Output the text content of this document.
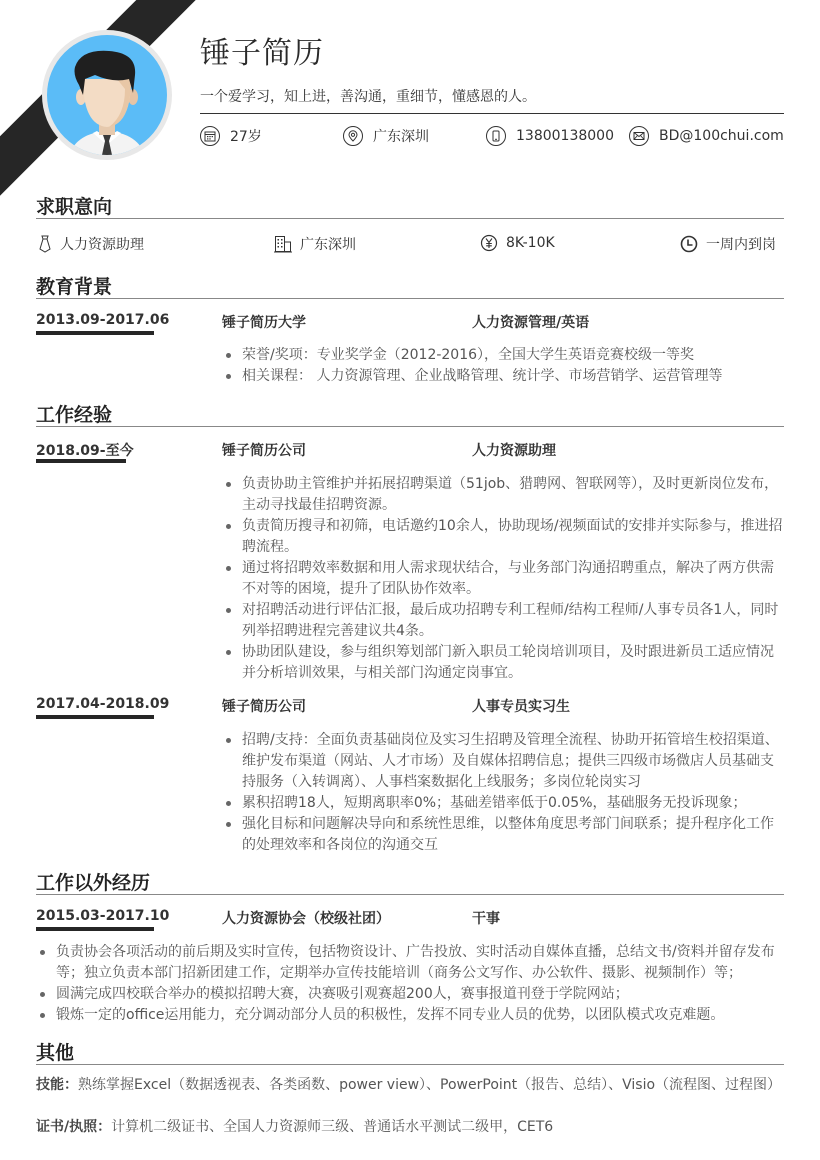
锤子简历
一个爱学习，知上进，善沟通，重细节，懂感恩的人。
27岁	广东深圳	13800138000	BD@100chui.com
求职意向
人力资源助理	广东深圳	8K-10K	一周内到岗
教育背景
2013.09-2017.06	锤子简历大学	人力资源管理/英语
荣誉/奖项：专业奖学金（2012-2016），全国大学生英语竞赛校级一等奖
相关课程： 人力资源管理、企业战略管理、统计学、市场营销学、运营管理等
工作经验
2018.09-至今	锤子简历公司	人力资源助理
负责协助主管维护并拓展招聘渠道（51job、猎聘网、智联网等），及时更新岗位发布，主动寻找最佳招聘资源。
负责简历搜寻和初筛，电话邀约10余人，协助现场/视频面试的安排并实际参与，推进招聘流程。
通过将招聘效率数据和用人需求现状结合，与业务部门沟通招聘重点，解决了两方供需不对等的困境，提升了团队协作效率。
对招聘活动进行评估汇报，最后成功招聘专利工程师/结构工程师/人事专员各1人，同时列举招聘进程完善建议共4条。
协助团队建设，参与组织筹划部门新入职员工轮岗培训项目，及时跟进新员工适应情况并分析培训效果，与相关部门沟通定岗事宜。
2017.04-2018.09	锤子简历公司	人事专员实习生
招聘/支持：全面负责基础岗位及实习生招聘及管理全流程、协助开拓管培生校招渠道、维护发布渠道（网站、人才市场）及自媒体招聘信息；提供三四级市场微店人员基础支持服务（入转调离）、人事档案数据化上线服务；多岗位轮岗实习
累积招聘18人，短期离职率0%；基础差错率低于0.05%，基础服务无投诉现象；
强化目标和问题解决导向和系统性思维，以整体角度思考部门间联系；提升程序化工作的处理效率和各岗位的沟通交互
工作以外经历
2015.03-2017.10	人力资源协会（校级社团）	干事
负责协会各项活动的前后期及实时宣传，包括物资设计、广告投放、实时活动自媒体直播，总结文书/资料并留存发布等；独立负责本部门招新团建工作，定期举办宣传技能培训（商务公文写作、办公软件、摄影、视频制作）等；
圆满完成四校联合举办的模拟招聘大赛，决赛吸引观赛超200人，赛事报道刊登于学院网站；
锻炼一定的office运用能力，充分调动部分人员的积极性，发挥不同专业人员的优势，以团队模式攻克难题。
其他
技能：熟练掌握Excel（数据透视表、各类函数、power view）、PowerPoint（报告、总结）、Visio（流程图、过程图）
证书/执照：计算机二级证书、全国人力资源师三级、普通话水平测试二级甲，CET6
